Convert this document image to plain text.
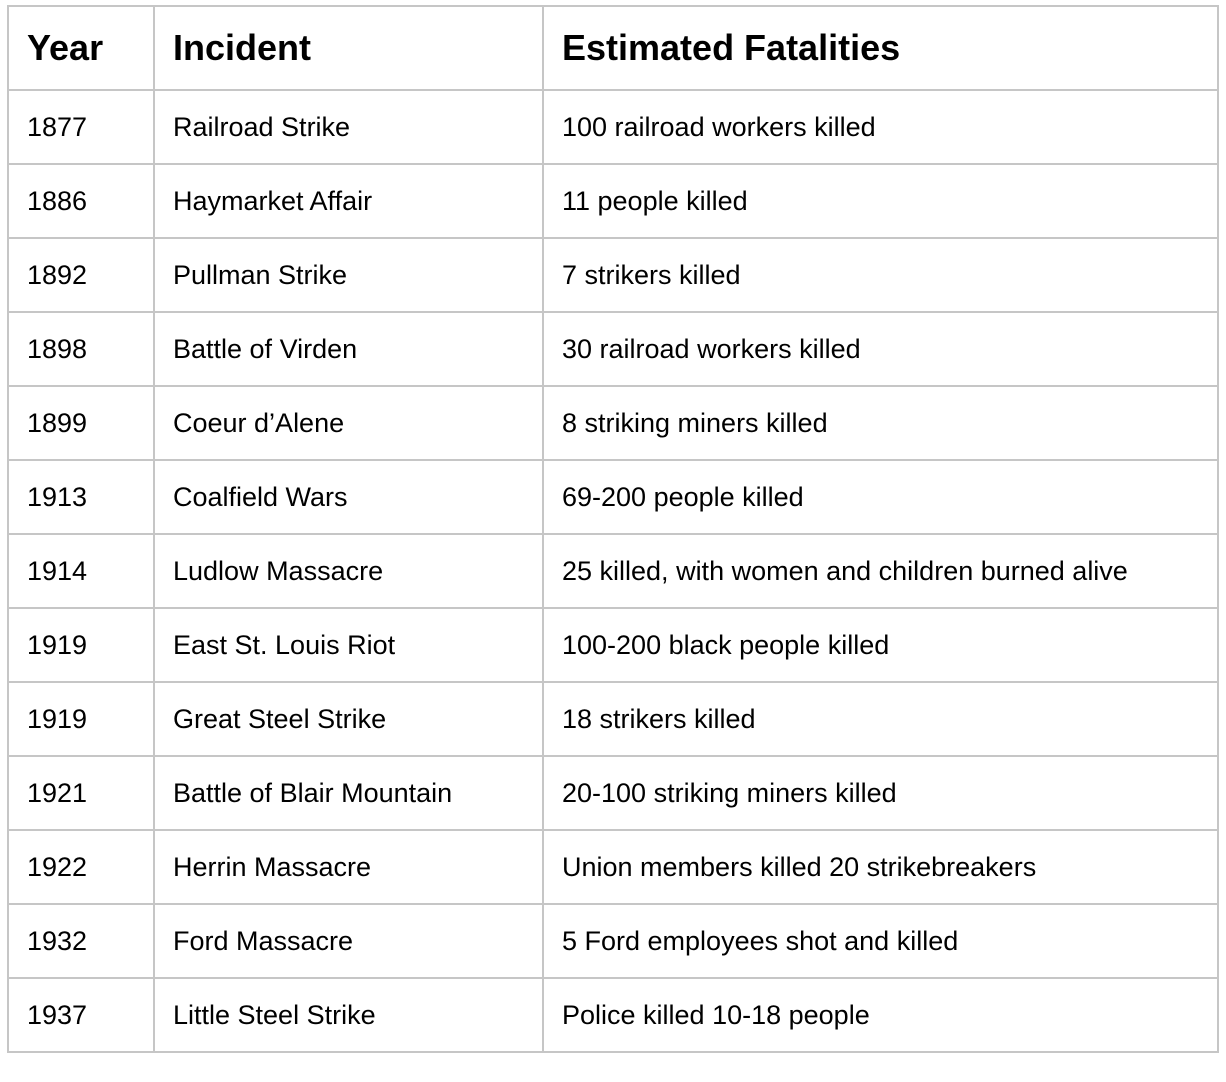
Year	Incident	Estimated Fatalities
1877	Railroad Strike	100 railroad workers killed
1886	Haymarket Affair	11 people killed
1892	Pullman Strike	7 strikers killed
1898	Battle of Virden	30 railroad workers killed
1899	Coeur d’Alene	8 striking miners killed
1913	Coalfield Wars	69-200 people killed
1914	Ludlow Massacre	25 killed, with women and children burned alive
1919	East St. Louis Riot	100-200 black people killed
1919	Great Steel Strike	18 strikers killed
1921	Battle of Blair Mountain	20-100 striking miners killed
1922	Herrin Massacre	Union members killed 20 strikebreakers
1932	Ford Massacre	5 Ford employees shot and killed
1937	Little Steel Strike	Police killed 10-18 people
